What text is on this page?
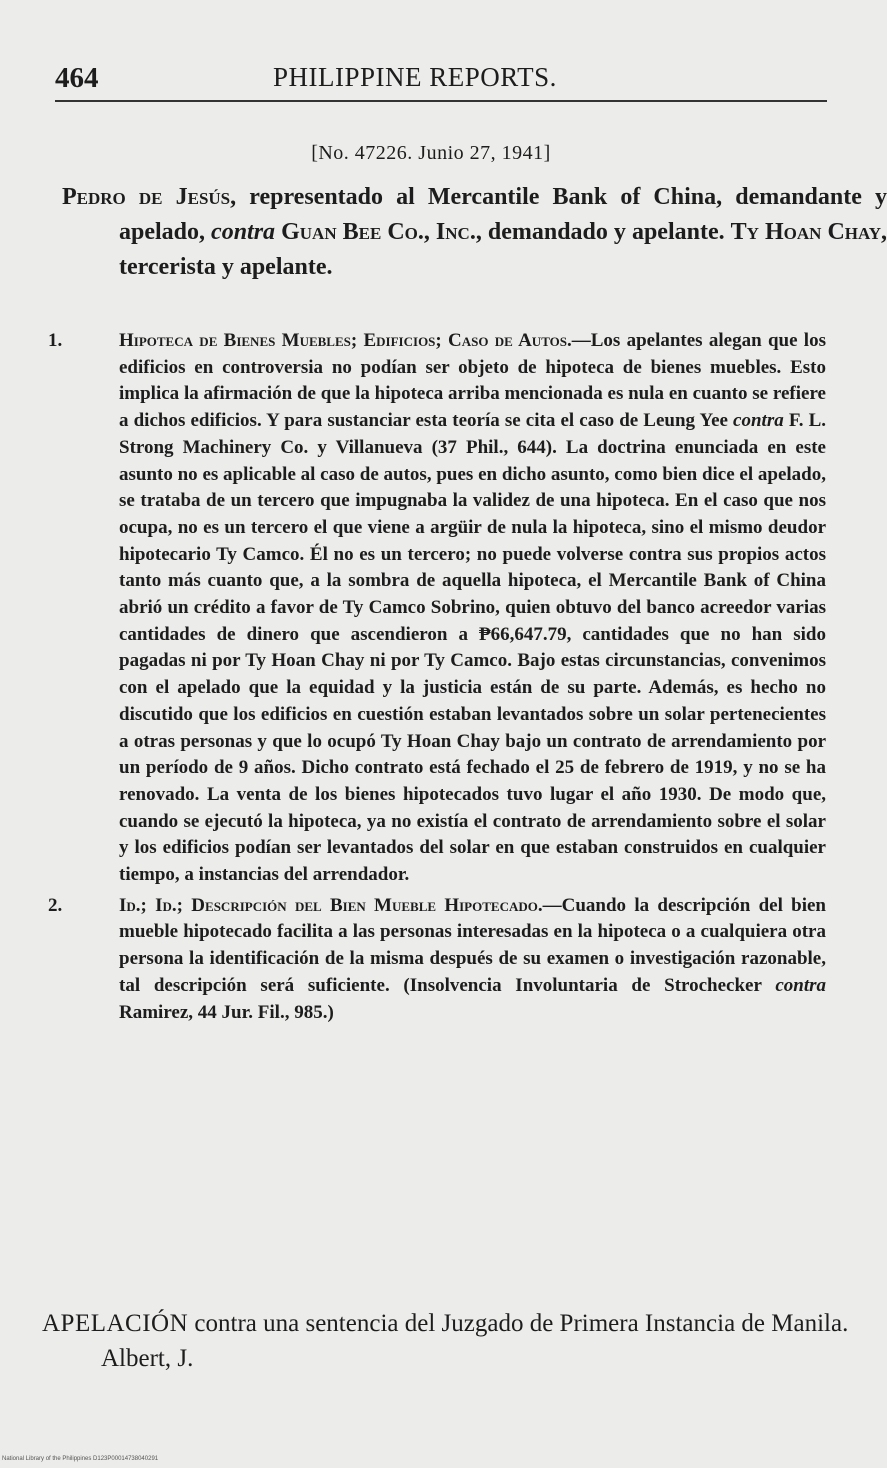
464	PHILIPPINE REPORTS.
[No. 47226. Junio 27, 1941]
Pedro de Jesús, representado al Mercantile Bank of China, demandante y apelado, contra Guan Bee Co., Inc., demandado y apelante. Ty Hoan Chay, tercerista y apelante.

1.	Hipoteca de Bienes Muebles; Edificios; Caso de Autos.—Los apelantes alegan que los edificios en controversia no podían ser objeto de hipoteca de bienes muebles. Esto implica la afirmación de que la hipoteca arriba mencionada es nula en cuanto se refiere a dichos edificios. Y para sustanciar esta teoría se cita el caso de Leung Yee contra F. L. Strong Machinery Co. y Villanueva (37 Phil., 644). La doctrina enunciada en este asunto no es aplicable al caso de autos, pues en dicho asunto, como bien dice el apelado, se trataba de un tercero que impugnaba la validez de una hipoteca. En el caso que nos ocupa, no es un tercero el que viene a argüir de nula la hipoteca, sino el mismo deudor hipotecario Ty Camco. Él no es un tercero; no puede volverse contra sus propios actos tanto más cuanto que, a la sombra de aquella hipoteca, el Mercantile Bank of China abrió un crédito a favor de Ty Camco Sobrino, quien obtuvo del banco acreedor varias cantidades de dinero que ascendieron a ₱66,647.79, cantidades que no han sido pagadas ni por Ty Hoan Chay ni por Ty Camco. Bajo estas circunstancias, convenimos con el apelado que la equidad y la justicia están de su parte. Además, es hecho no discutido que los edificios en cuestión estaban levantados sobre un solar pertenecientes a otras personas y que lo ocupó Ty Hoan Chay bajo un contrato de arrendamiento por un período de 9 años. Dicho contrato está fechado el 25 de febrero de 1919, y no se ha renovado. La venta de los bienes hipotecados tuvo lugar el año 1930. De modo que, cuando se ejecutó la hipoteca, ya no existía el contrato de arrendamiento sobre el solar y los edificios podían ser levantados del solar en que estaban construidos en cualquier tiempo, a instancias del arrendador.

2.	Id.; Id.; Descripción del Bien Mueble Hipotecado.—Cuando la descripción del bien mueble hipotecado facilita a las personas interesadas en la hipoteca o a cualquiera otra persona la identificación de la misma después de su examen o investigación razonable, tal descripción será suficiente. (Insolvencia Involuntaria de Strochecker contra Ramirez, 44 Jur. Fil., 985.)

APELACIÓN contra una sentencia del Juzgado de Primera Instancia de Manila. Albert, J.
National Library of the Philippines D123P00014738040291
